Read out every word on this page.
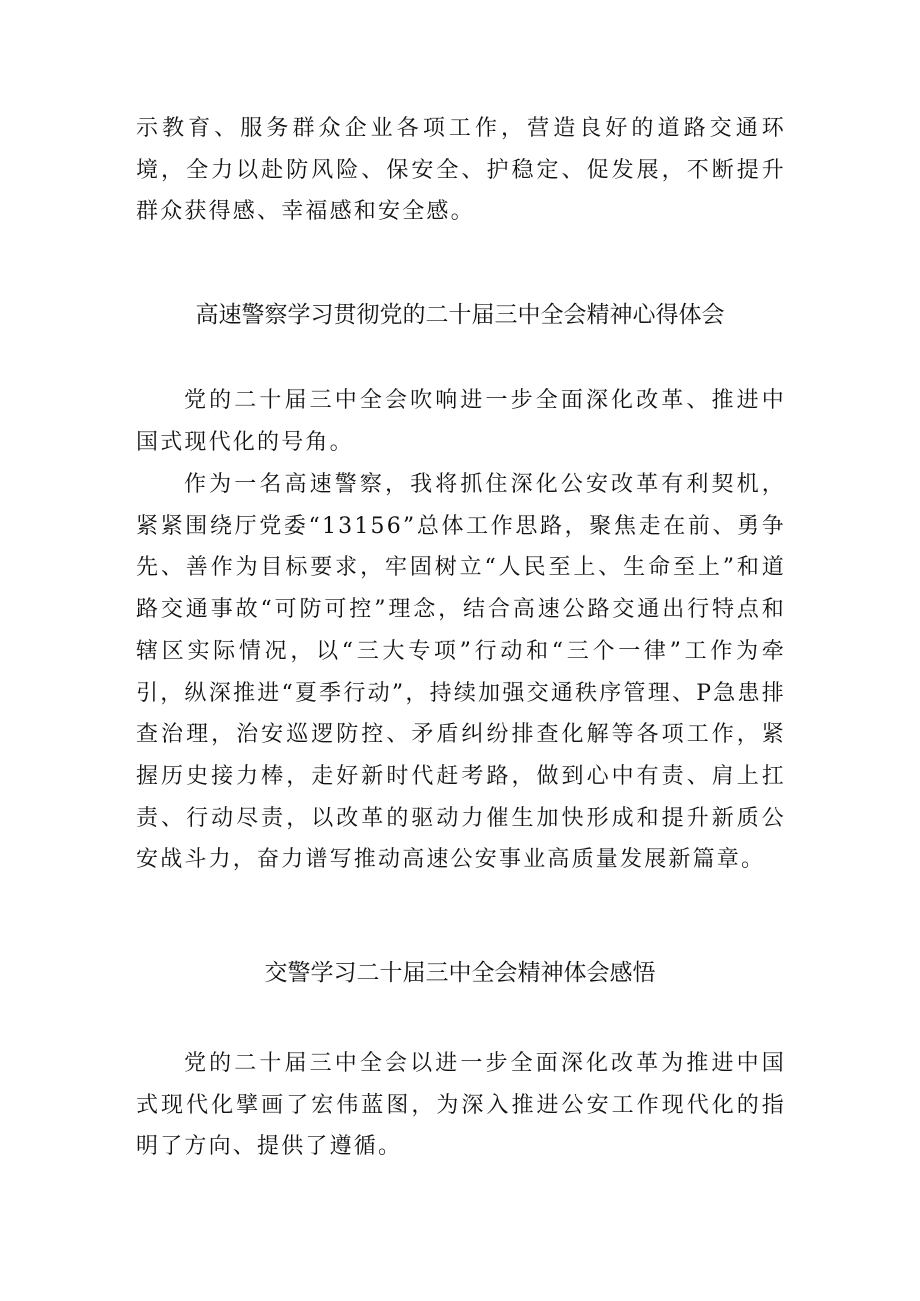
示教育、服务群众企业各项工作，营造良好的道路交通环境，全力以赴防风险、保安全、护稳定、促发展，不断提升群众获得感、幸福感和安全感。

高速警察学习贯彻党的二十届三中全会精神心得体会

党的二十届三中全会吹响进一步全面深化改革、推进中国式现代化的号角。

作为一名高速警察，我将抓住深化公安改革有利契机，紧紧围绕厅党委“13156”总体工作思路，聚焦走在前、勇争先、善作为目标要求，牢固树立“人民至上、生命至上”和道路交通事故“可防可控”理念，结合高速公路交通出行特点和辖区实际情况，以“三大专项”行动和“三个一律”工作为牵引，纵深推进“夏季行动”，持续加强交通秩序管理、P急患排查治理，治安巡逻防控、矛盾纠纷排查化解等各项工作，紧握历史接力棒，走好新时代赶考路，做到心中有责、肩上扛责、行动尽责，以改革的驱动力催生加快形成和提升新质公安战斗力，奋力谱写推动高速公安事业高质量发展新篇章。

交警学习二十届三中全会精神体会感悟

党的二十届三中全会以进一步全面深化改革为推进中国式现代化擘画了宏伟蓝图，为深入推进公安工作现代化的指明了方向、提供了遵循。
